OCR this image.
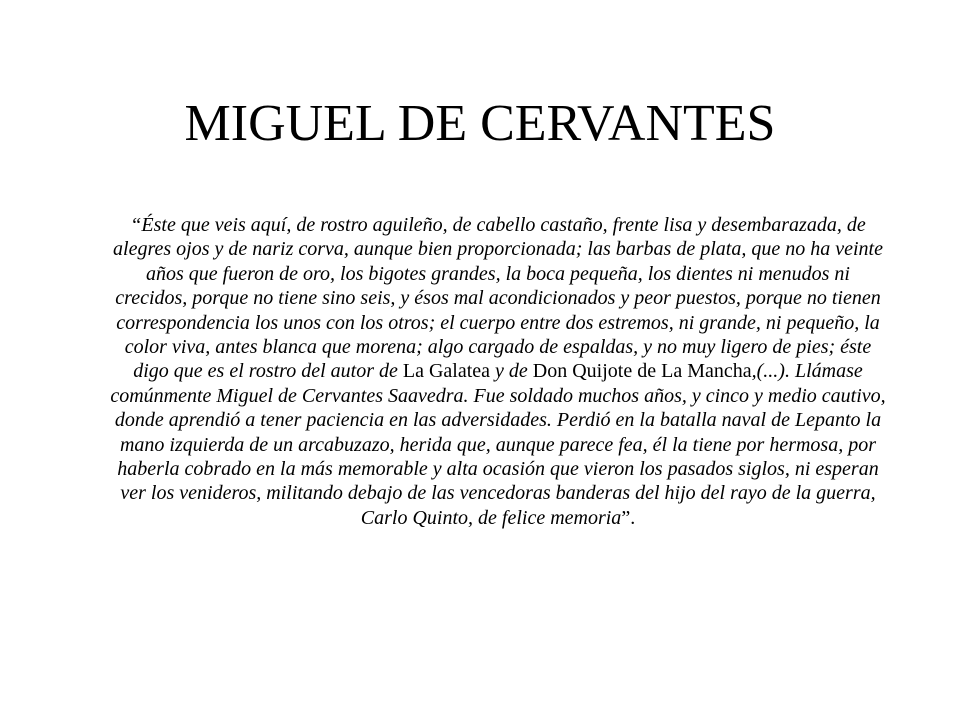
MIGUEL DE CERVANTES

“Éste que veis aquí, de rostro aguileño, de cabello castaño, frente lisa y desembarazada, de alegres ojos y de nariz corva, aunque bien proporcionada; las barbas de plata, que no ha veinte años que fueron de oro, los bigotes grandes, la boca pequeña, los dientes ni menudos ni crecidos, porque no tiene sino seis, y ésos mal acondicionados y peor puestos, porque no tienen correspondencia los unos con los otros; el cuerpo entre dos estremos, ni grande, ni pequeño, la color viva, antes blanca que morena; algo cargado de espaldas, y no muy ligero de pies; éste digo que es el rostro del autor de La Galatea y de Don Quijote de La Mancha,(...). Llámase comúnmente Miguel de Cervantes Saavedra. Fue soldado muchos años, y cinco y medio cautivo, donde aprendió a tener paciencia en las adversidades. Perdió en la batalla naval de Lepanto la mano izquierda de un arcabuzazo, herida que, aunque parece fea, él la tiene por hermosa, por haberla cobrado en la más memorable y alta ocasión que vieron los pasados siglos, ni esperan ver los venideros, militando debajo de las vencedoras banderas del hijo del rayo de la guerra, Carlo Quinto, de felice memoria”.
